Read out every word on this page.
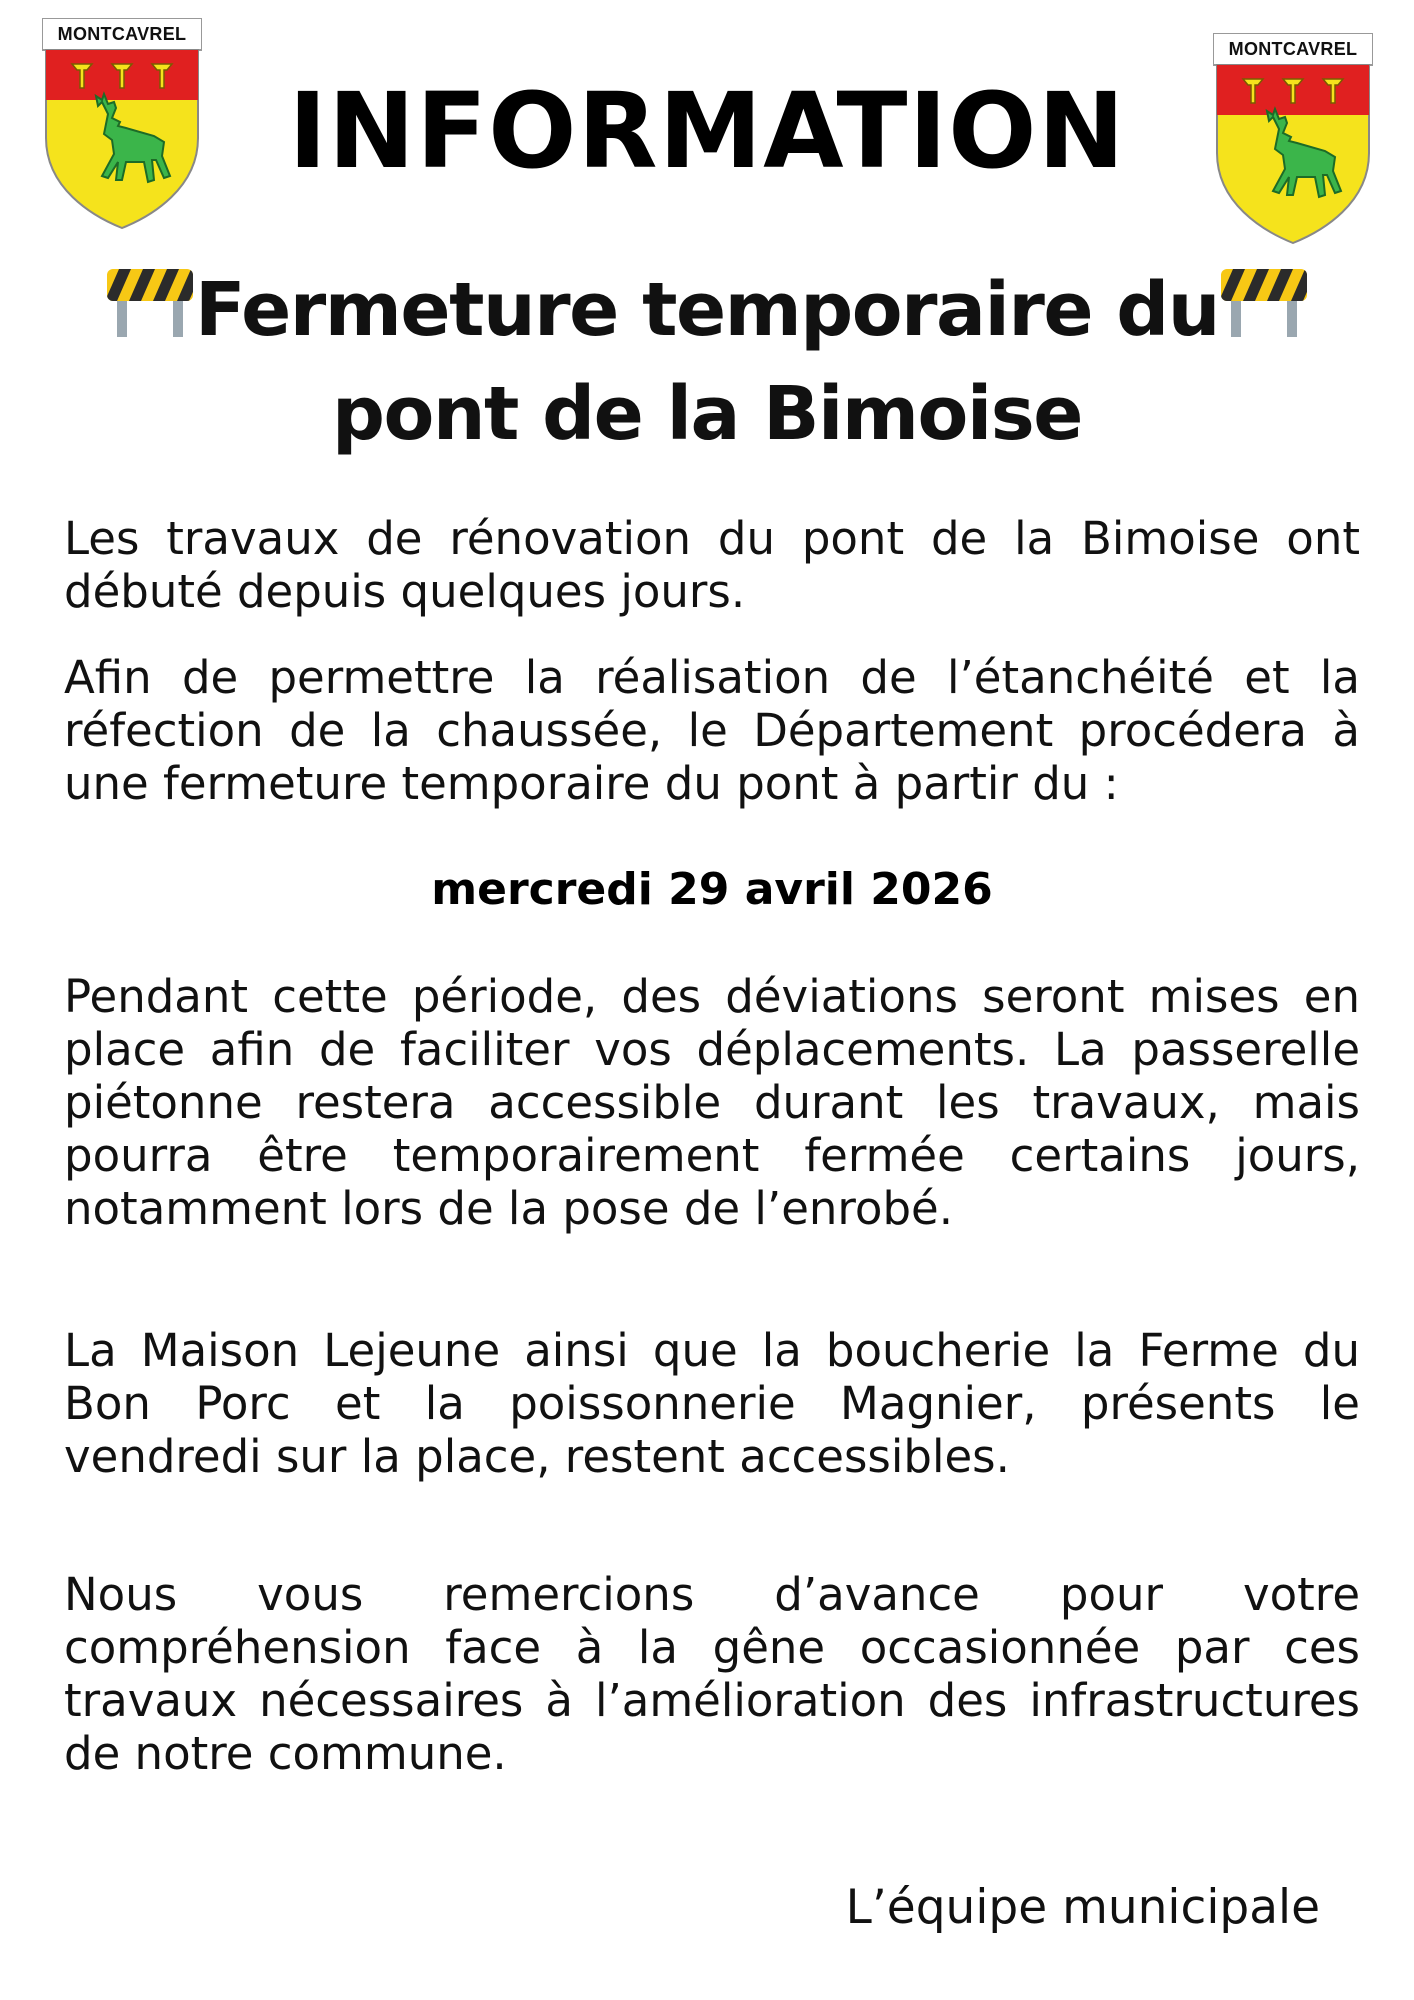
MONTCAVREL
MONTCAVREL
INFORMATION
Fermeture temporaire du

pont de la Bimoise

Les travaux de rénovation du pont de la Bimoise ont débuté depuis quelques jours.

Afin de permettre la réalisation de l’étanchéité et la réfection de la chaussée, le Département procédera à une fermeture temporaire du pont à partir du :

mercredi 29 avril 2026

Pendant cette période, des déviations seront mises en place afin de faciliter vos déplacements. La passerelle piétonne restera accessible durant les travaux, mais pourra être temporairement fermée certains jours, notamment lors de la pose de l’enrobé.

La Maison Lejeune ainsi que la boucherie la Ferme du Bon Porc et la poissonnerie Magnier, présents le vendredi sur la place, restent accessibles.

Nous vous remercions d’avance pour votre compréhension face à la gêne occasionnée par ces travaux nécessaires à l’amélioration des infrastructures de notre commune.

L’équipe municipale
